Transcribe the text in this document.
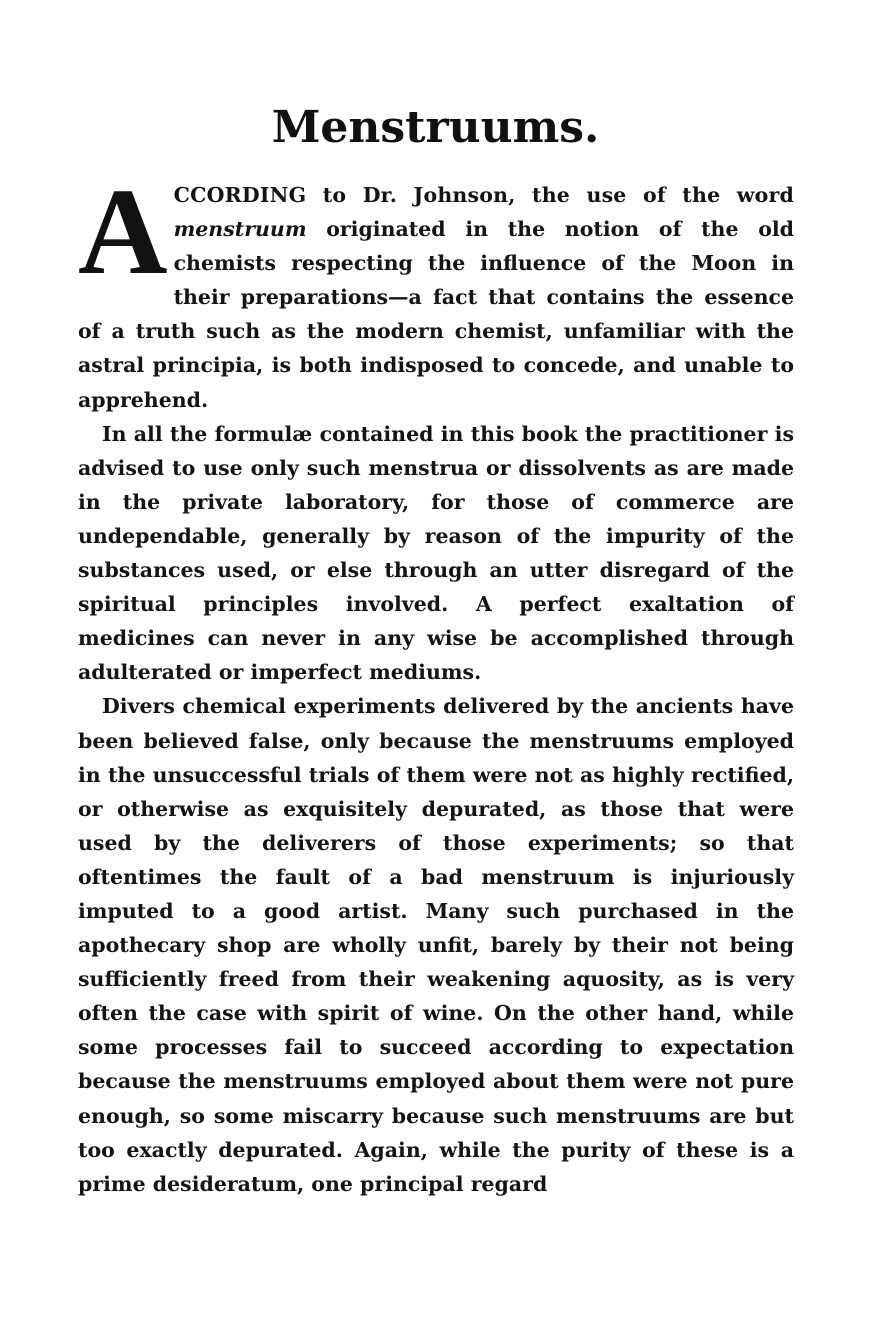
Menstruums.

ACCORDING to Dr. Johnson, the use of the word menstruum originated in the notion of the old chemists respecting the influence of the Moon in their preparations—a fact that contains the essence of a truth such as the modern chemist, unfamiliar with the astral principia, is both indisposed to concede, and unable to apprehend.

In all the formulæ contained in this book the practitioner is advised to use only such menstrua or dissolvents as are made in the private laboratory, for those of commerce are undependable, generally by reason of the impurity of the substances used, or else through an utter disregard of the spiritual principles involved. A perfect exaltation of medicines can never in any wise be accomplished through adulterated or imperfect mediums.

Divers chemical experiments delivered by the ancients have been believed false, only because the menstruums employed in the unsuccessful trials of them were not as highly rectified, or otherwise as exquisitely depurated, as those that were used by the deliverers of those experiments; so that oftentimes the fault of a bad menstruum is injuriously imputed to a good artist. Many such purchased in the apothecary shop are wholly unfit, barely by their not being sufficiently freed from their weakening aquosity, as is very often the case with spirit of wine. On the other hand, while some processes fail to succeed according to expectation because the menstruums employed about them were not pure enough, so some miscarry because such menstruums are but too exactly depurated. Again, while the purity of these is a prime desideratum, one principal regard
